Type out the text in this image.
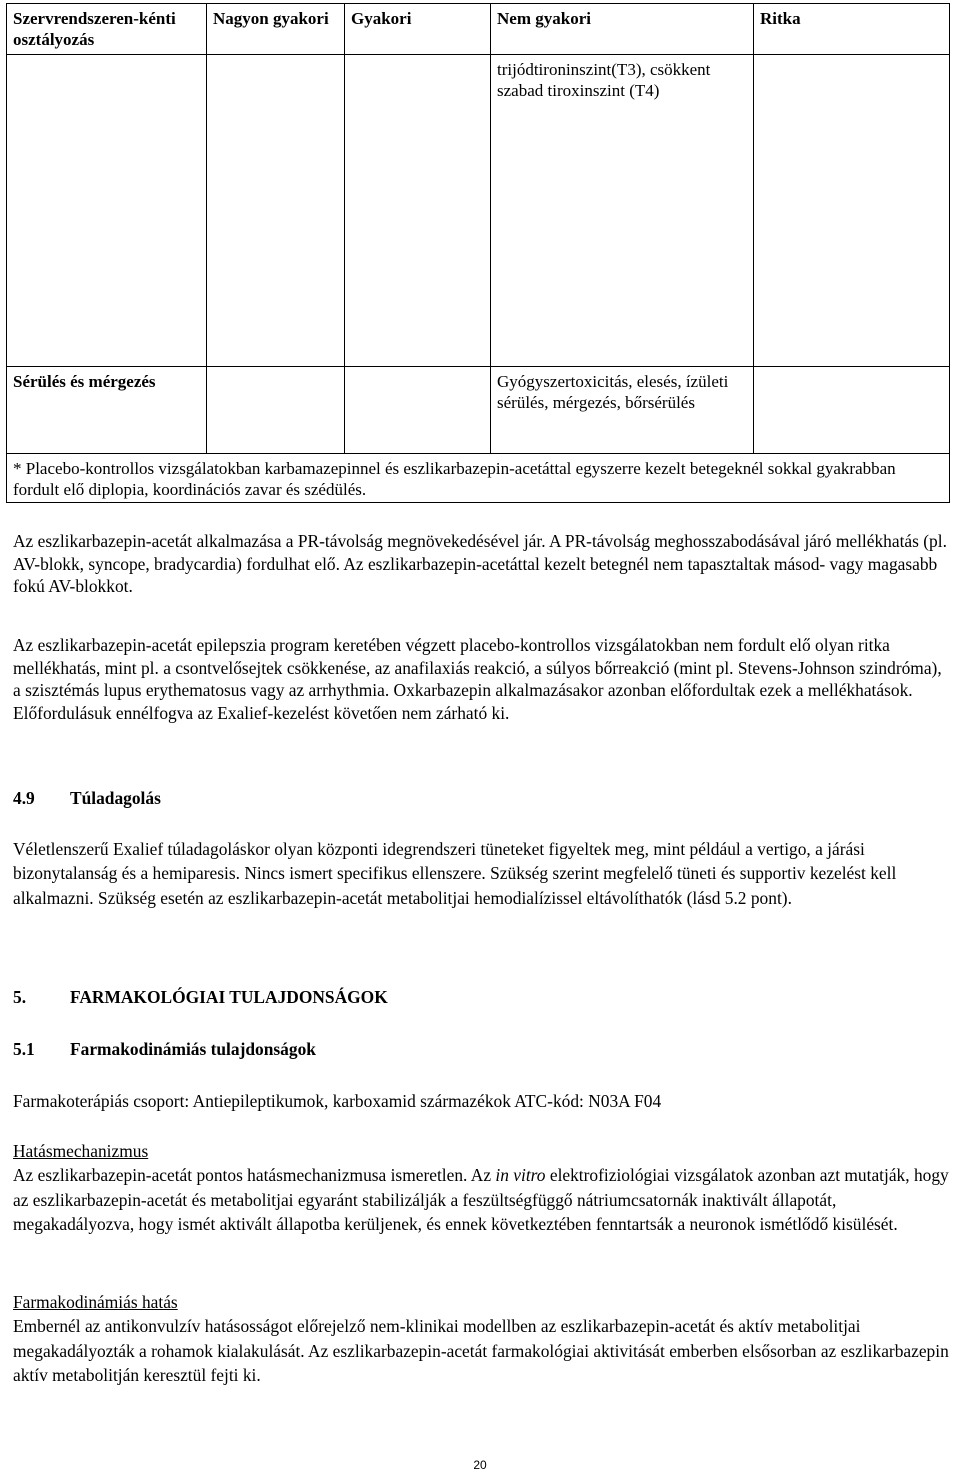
Szervrendszeren-kénti osztályozás	Nagyon gyakori	Gyakori	Nem gyakori	Ritka

			trijódtironinszint(T3), csökkent szabad tiroxinszint (T4)	

Sérülés és mérgezés			Gyógyszertoxicitás, elesés, ízületi sérülés, mérgezés, bőrsérülés	

* Placebo-kontrollos vizsgálatokban karbamazepinnel és eszlikarbazepin-acetáttal egyszerre kezelt betegeknél sokkal gyakrabban fordult elő diplopia, koordinációs zavar és szédülés.				

Az eszlikarbazepin-acetát alkalmazása a PR-távolság megnövekedésével jár. A PR-távolság meghosszabodásával járó mellékhatás (pl. AV-blokk, syncope, bradycardia) fordulhat elő. Az eszlikarbazepin-acetáttal kezelt betegnél nem tapasztaltak másod- vagy magasabb fokú AV-blokkot.

Az eszlikarbazepin-acetát epilepszia program keretében végzett placebo-kontrollos vizsgálatokban nem fordult elő olyan ritka mellékhatás, mint pl. a csontvelősejtek csökkenése, az anafilaxiás reakció, a súlyos bőrreakció (mint pl. Stevens-Johnson szindróma), a szisztémás lupus erythematosus vagy az arrhythmia. Oxkarbazepin alkalmazásakor azonban előfordultak ezek a mellékhatások. Előfordulásuk ennélfogva az Exalief-kezelést követően nem zárható ki.

4.9 Túladagolás

Véletlenszerű Exalief túladagoláskor olyan központi idegrendszeri tüneteket figyeltek meg, mint például a vertigo, a járási bizonytalanság és a hemiparesis. Nincs ismert specifikus ellenszere. Szükség szerint megfelelő tüneti és supportiv kezelést kell alkalmazni. Szükség esetén az eszlikarbazepin-acetát metabolitjai hemodialízissel eltávolíthatók (lásd 5.2 pont).

5.	FARMAKOLÓGIAI TULAJDONSÁGOK

5.1 Farmakodinámiás tulajdonságok

Farmakoterápiás csoport: Antiepileptikumok, karboxamid származékok ATC-kód: N03A F04

Hatásmechanizmus
Az eszlikarbazepin-acetát pontos hatásmechanizmusa ismeretlen. Az in vitro elektrofiziológiai vizsgálatok azonban azt mutatják, hogy az eszlikarbazepin-acetát és metabolitjai egyaránt stabilizálják a feszültségfüggő nátriumcsatornák inaktivált állapotát, megakadályozva, hogy ismét aktivált állapotba kerüljenek, és ennek következtében fenntartsák a neuronok ismétlődő kisülését.
Farmakodinámiás hatás
Embernél az antikonvulzív hatásosságot előrejelző nem-klinikai modellben az eszlikarbazepin-acetát és aktív metabolitjai megakadályozták a rohamok kialakulását. Az eszlikarbazepin-acetát farmakológiai aktivitását emberben elsősorban az eszlikarbazepin aktív metabolitján keresztül fejti ki.
20
